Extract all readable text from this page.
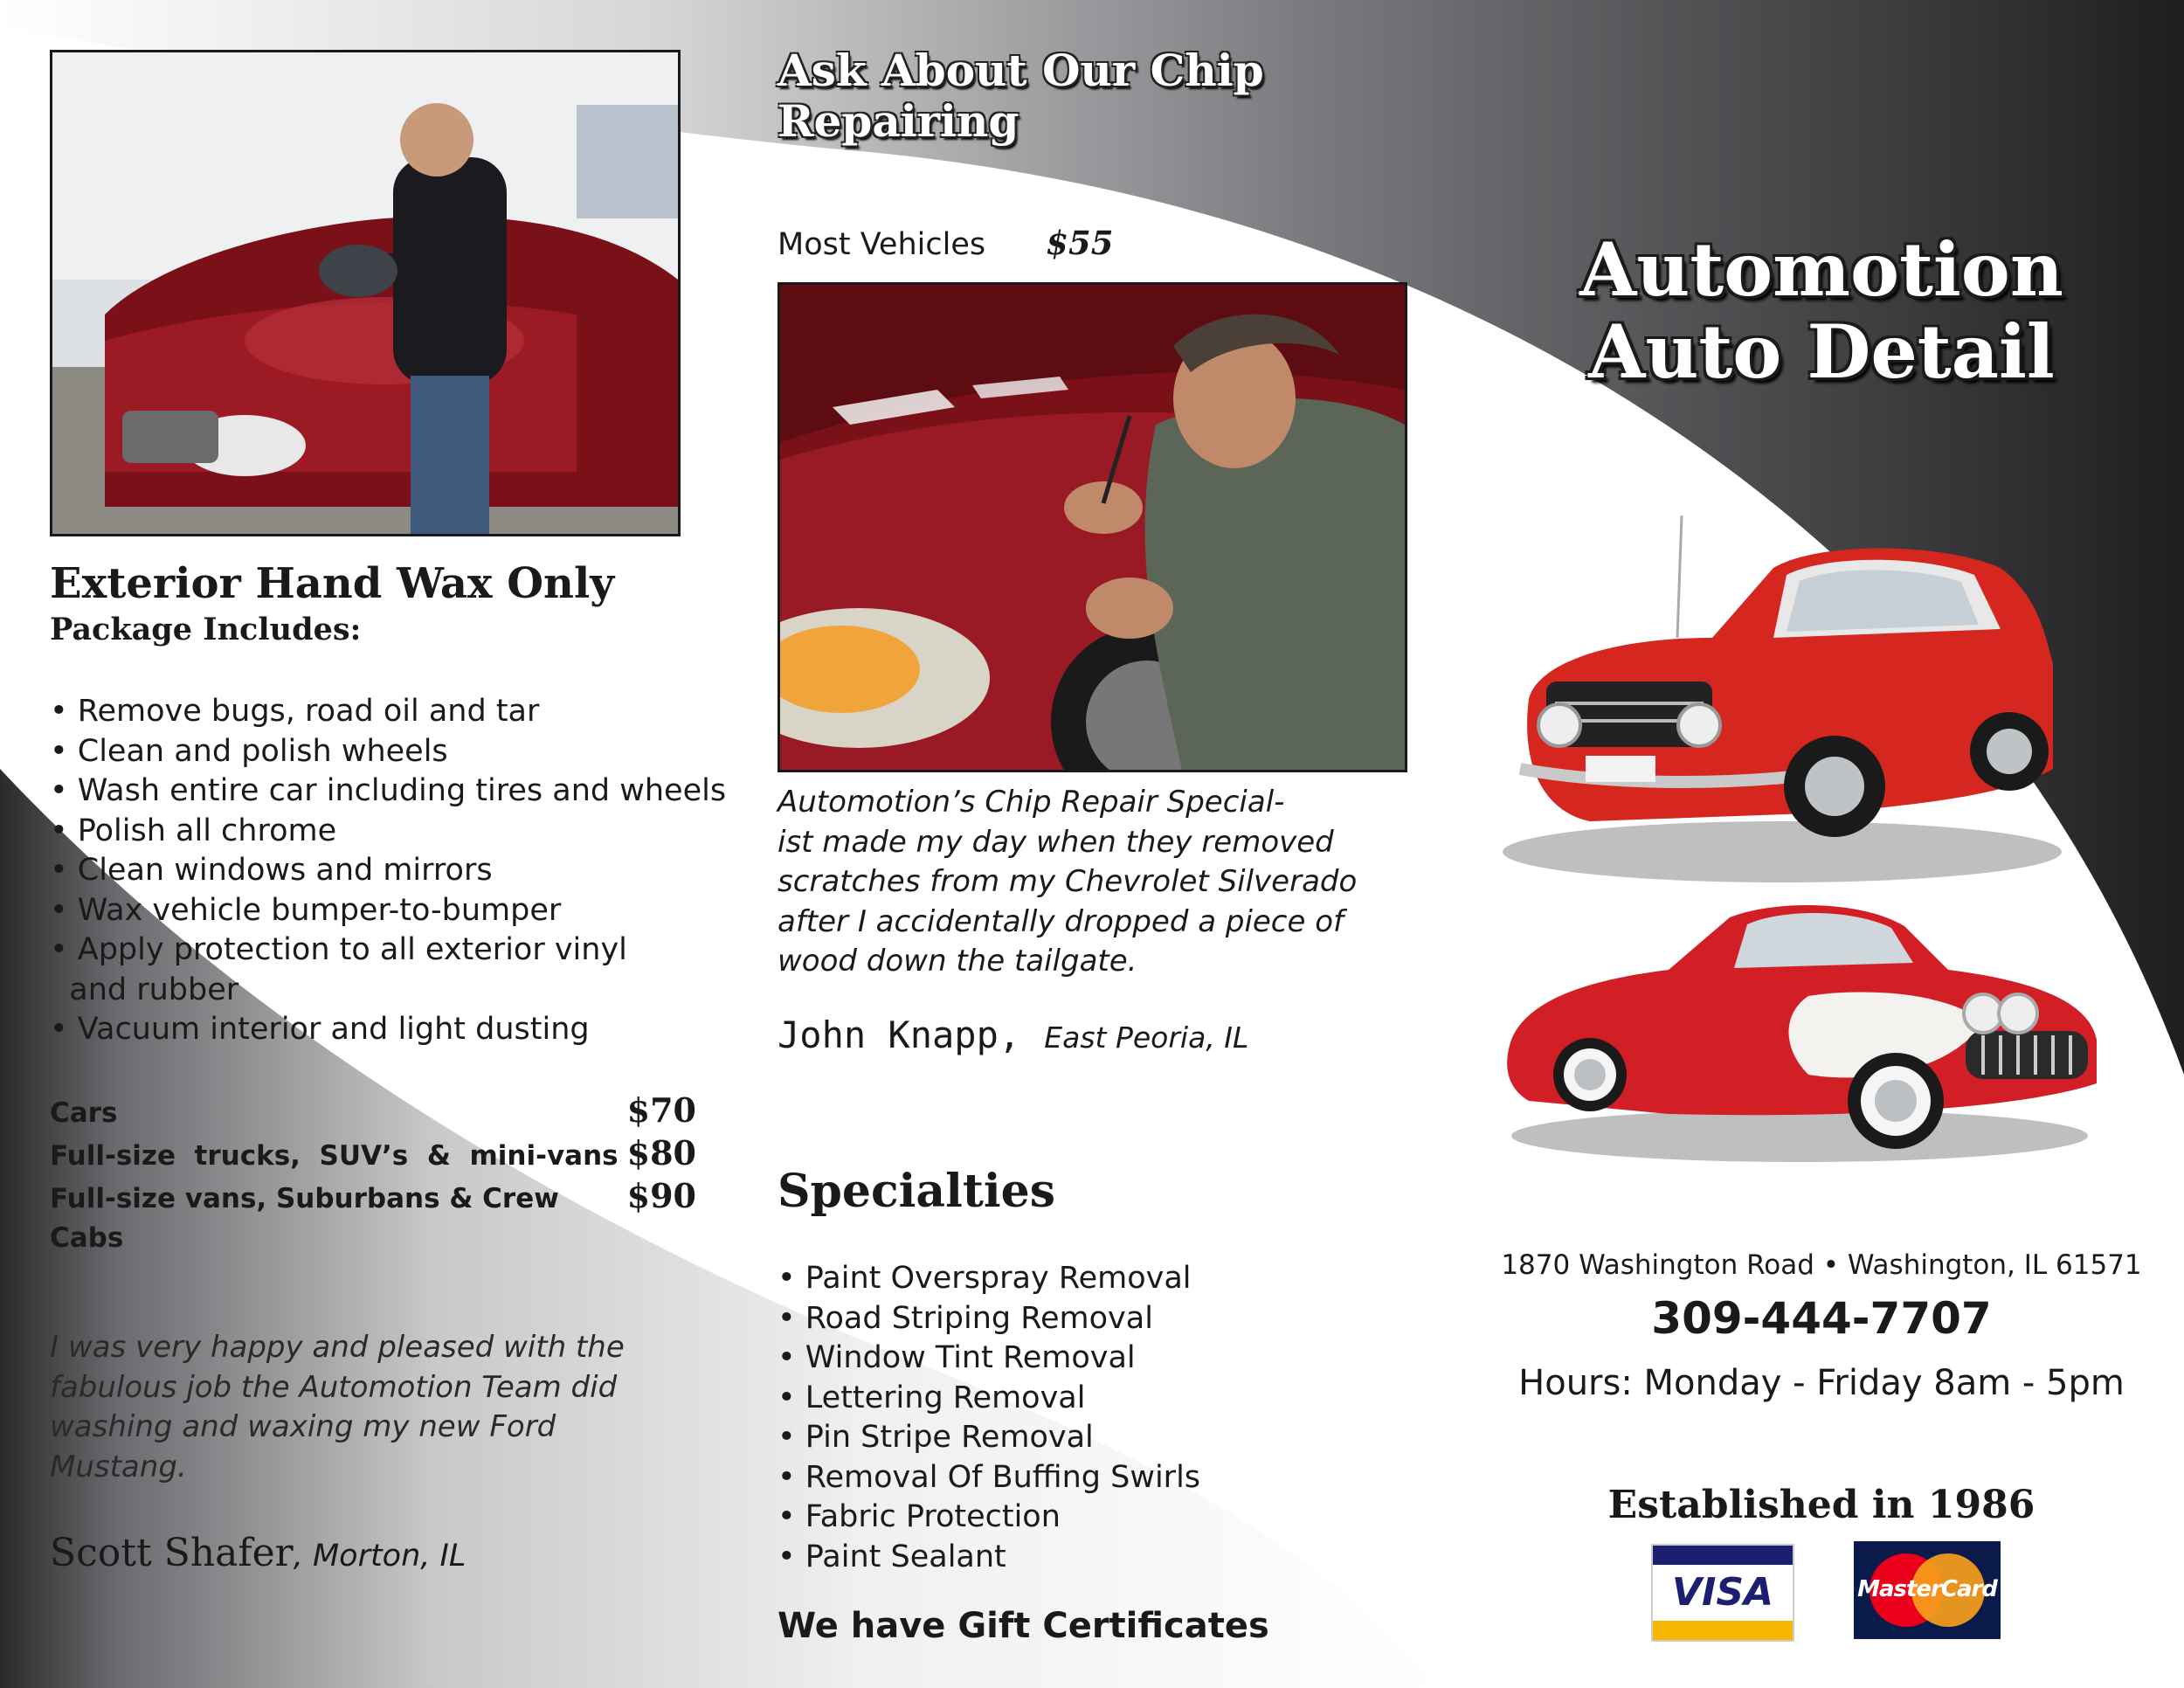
Exterior Hand Wax Only
Package Includes:
• Remove bugs, road oil and tar
• Clean and polish wheels
• Wash entire car including tires and wheels
• Polish all chrome
• Clean windows and mirrors
• Wax vehicle bumper-to-bumper
• Apply protection to all exterior vinyl
and rubber
• Vacuum interior and light dusting
Cars	$70
Full-size  trucks,  SUV’s  &  mini-vans $80
Full-size vans, Suburbans & Crew Cabs
$90
I was very happy and pleased with the
fabulous job the Automotion Team did
washing and waxing my new Ford
Mustang.
Scott Shafer, Morton, IL
Ask About Our Chip
Repairing
Most Vehicles $55
Automotion’s Chip Repair Special-
ist made my day when they removed
scratches from my Chevrolet Silverado
after I accidentally dropped a piece of
wood down the tailgate.
John Knapp, East Peoria, IL
Specialties
• Paint Overspray Removal
• Road Striping Removal
• Window Tint Removal
• Lettering Removal
• Pin Stripe Removal
• Removal Of Buffing Swirls
• Fabric Protection
• Paint Sealant
We have Gift Certificates
Automotion
Auto Detail
1870 Washington Road • Washington, IL 61571
309-444-7707
Hours: Monday - Friday 8am - 5pm
Established in 1986
VISA	MasterCard
